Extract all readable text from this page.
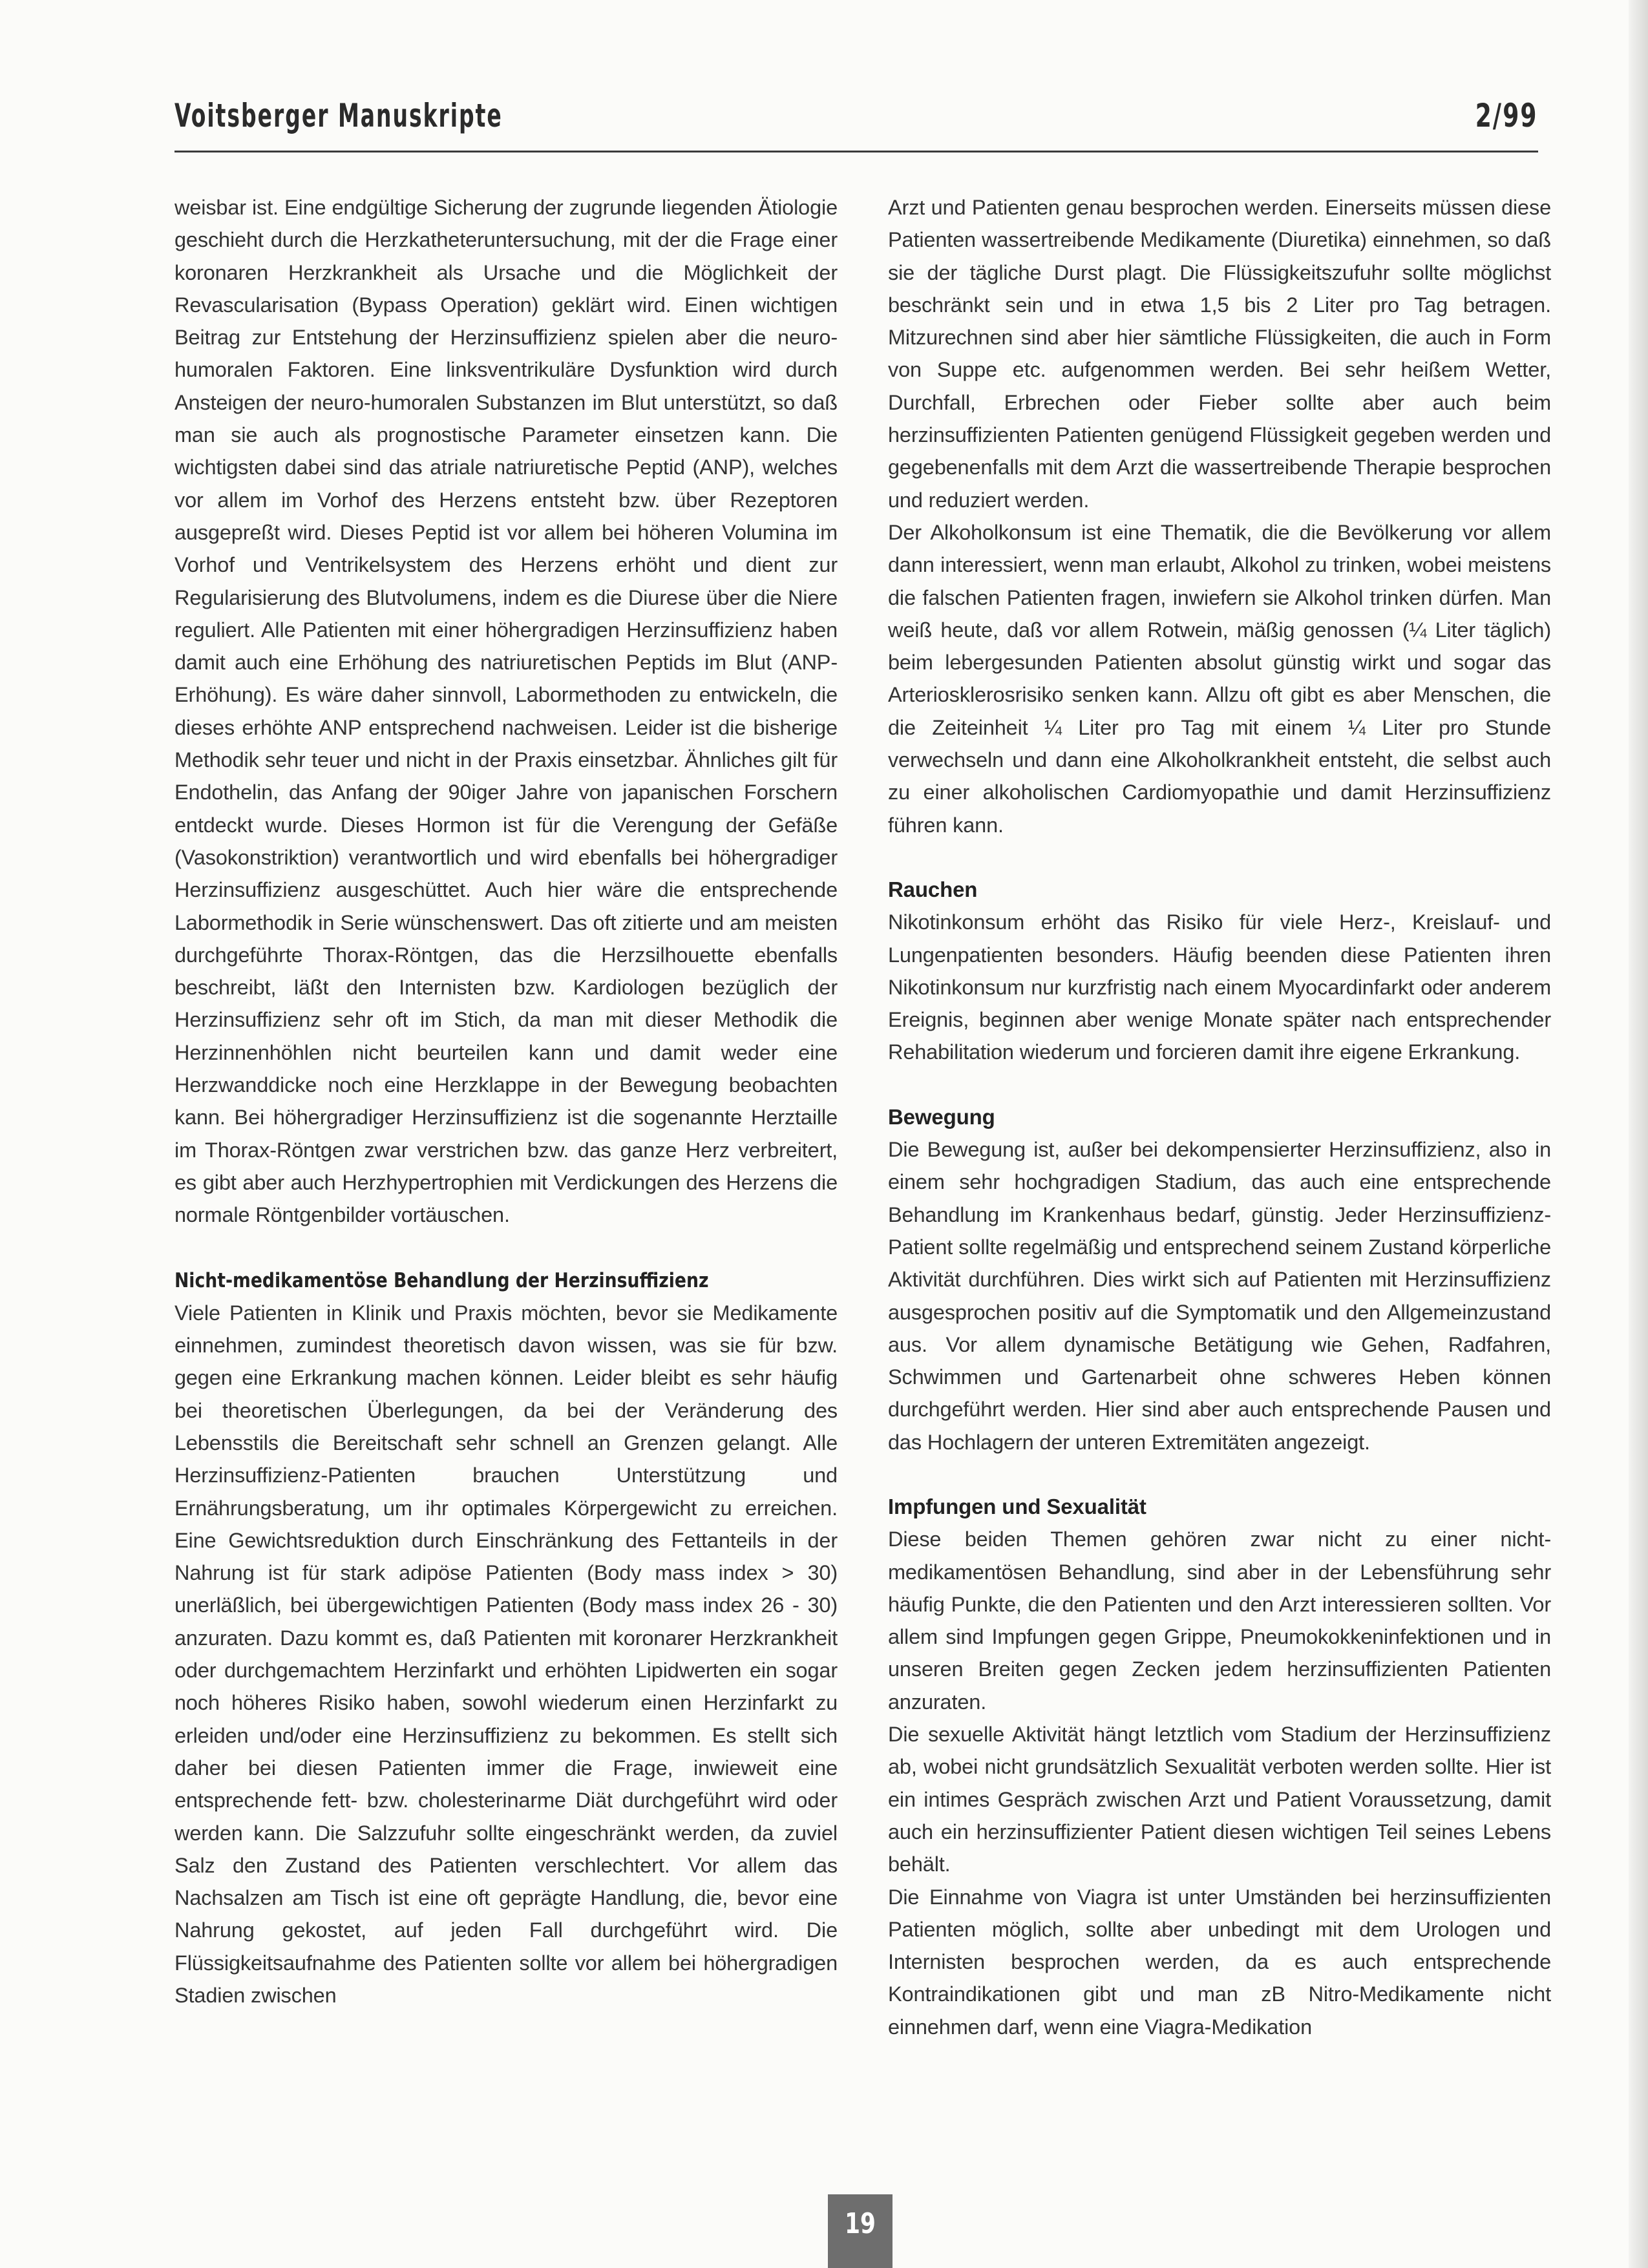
Voitsberger Manuskripte	2/99

weisbar ist. Eine endgültige Sicherung der zugrunde liegenden Ätiologie geschieht durch die Herzkatheteruntersuchung, mit der die Frage einer koronaren Herzkrankheit als Ursache und die Möglichkeit der Revascularisation (Bypass Operation) geklärt wird. Einen wichtigen Beitrag zur Entstehung der Herzinsuffizienz spielen aber die neuro-humoralen Faktoren. Eine linksventrikuläre Dysfunktion wird durch Ansteigen der neuro-humoralen Substanzen im Blut unterstützt, so daß man sie auch als prognostische Parameter einsetzen kann. Die wichtigsten dabei sind das atriale natriuretische Peptid (ANP), welches vor allem im Vorhof des Herzens entsteht bzw. über Rezeptoren ausgepreßt wird. Dieses Peptid ist vor allem bei höheren Volumina im Vorhof und Ventrikelsystem des Herzens erhöht und dient zur Regularisierung des Blutvolumens, indem es die Diurese über die Niere reguliert. Alle Patienten mit einer höhergradigen Herzinsuffizienz haben damit auch eine Erhöhung des natriuretischen Peptids im Blut (ANP-Erhöhung). Es wäre daher sinnvoll, Labormethoden zu entwickeln, die dieses erhöhte ANP entsprechend nachweisen. Leider ist die bisherige Methodik sehr teuer und nicht in der Praxis einsetzbar. Ähnliches gilt für Endothelin, das Anfang der 90iger Jahre von japanischen Forschern entdeckt wurde. Dieses Hormon ist für die Verengung der Gefäße (Vasokonstriktion) verantwortlich und wird ebenfalls bei höhergradiger Herzinsuffizienz ausgeschüttet. Auch hier wäre die entsprechende Labormethodik in Serie wünschenswert. Das oft zitierte und am meisten durchgeführte Thorax-Röntgen, das die Herzsilhouette ebenfalls beschreibt, läßt den Internisten bzw. Kardiologen bezüglich der Herzinsuffizienz sehr oft im Stich, da man mit dieser Methodik die Herzinnenhöhlen nicht beurteilen kann und damit weder eine Herzwanddicke noch eine Herzklappe in der Bewegung beobachten kann. Bei höhergradiger Herzinsuffizienz ist die sogenannte Herztaille im Thorax-Röntgen zwar verstrichen bzw. das ganze Herz verbreitert, es gibt aber auch Herzhypertrophien mit Verdickungen des Herzens die normale Röntgenbilder vortäuschen.

Nicht-medikamentöse Behandlung der Herzinsuffizienz

Viele Patienten in Klinik und Praxis möchten, bevor sie Medikamente einnehmen, zumindest theoretisch davon wissen, was sie für bzw. gegen eine Erkrankung machen können. Leider bleibt es sehr häufig bei theoretischen Überlegungen, da bei der Veränderung des Lebensstils die Bereitschaft sehr schnell an Grenzen gelangt. Alle Herzinsuffizienz-Patienten brauchen Unterstützung und Ernährungsberatung, um ihr optimales Körpergewicht zu erreichen. Eine Gewichtsreduktion durch Einschränkung des Fettanteils in der Nahrung ist für stark adipöse Patienten (Body mass index > 30) unerläßlich, bei übergewichtigen Patienten (Body mass index 26 - 30) anzuraten. Dazu kommt es, daß Patienten mit koronarer Herzkrankheit oder durchgemachtem Herzinfarkt und erhöhten Lipidwerten ein sogar noch höheres Risiko haben, sowohl wiederum einen Herzinfarkt zu erleiden und/oder eine Herzinsuffizienz zu bekommen. Es stellt sich daher bei diesen Patienten immer die Frage, inwieweit eine entsprechende fett- bzw. cholesterinarme Diät durchgeführt wird oder werden kann. Die Salzzufuhr sollte eingeschränkt werden, da zuviel Salz den Zustand des Patienten verschlechtert. Vor allem das Nachsalzen am Tisch ist eine oft geprägte Handlung, die, bevor eine Nahrung gekostet, auf jeden Fall durchgeführt wird. Die Flüssigkeitsaufnahme des Patienten sollte vor allem bei höhergradigen Stadien zwischen

Arzt und Patienten genau besprochen werden. Einerseits müssen diese Patienten wassertreibende Medikamente (Diuretika) einnehmen, so daß sie der tägliche Durst plagt. Die Flüssigkeitszufuhr sollte möglichst beschränkt sein und in etwa 1,5 bis 2 Liter pro Tag betragen. Mitzurechnen sind aber hier sämtliche Flüssigkeiten, die auch in Form von Suppe etc. aufgenommen werden. Bei sehr heißem Wetter, Durchfall, Erbrechen oder Fieber sollte aber auch beim herzinsuffizienten Patienten genügend Flüssigkeit gegeben werden und gegebenenfalls mit dem Arzt die wassertreibende Therapie besprochen und reduziert werden.

Der Alkoholkonsum ist eine Thematik, die die Bevölkerung vor allem dann interessiert, wenn man erlaubt, Alkohol zu trinken, wobei meistens die falschen Patienten fragen, inwiefern sie Alkohol trinken dürfen. Man weiß heute, daß vor allem Rotwein, mäßig genossen (¼ Liter täglich) beim lebergesunden Patienten absolut günstig wirkt und sogar das Arteriosklerosrisiko senken kann. Allzu oft gibt es aber Menschen, die die Zeiteinheit ¼ Liter pro Tag mit einem ¼ Liter pro Stunde verwechseln und dann eine Alkoholkrankheit entsteht, die selbst auch zu einer alkoholischen Cardiomyopathie und damit Herzinsuffizienz führen kann.

Rauchen

Nikotinkonsum erhöht das Risiko für viele Herz-, Kreislauf- und Lungenpatienten besonders. Häufig beenden diese Patienten ihren Nikotinkonsum nur kurzfristig nach einem Myocardinfarkt oder anderem Ereignis, beginnen aber wenige Monate später nach entsprechender Rehabilitation wiederum und forcieren damit ihre eigene Erkrankung.

Bewegung

Die Bewegung ist, außer bei dekompensierter Herzinsuffizienz, also in einem sehr hochgradigen Stadium, das auch eine entsprechende Behandlung im Krankenhaus bedarf, günstig. Jeder Herzinsuffizienz-Patient sollte regelmäßig und entsprechend seinem Zustand körperliche Aktivität durchführen. Dies wirkt sich auf Patienten mit Herzinsuffizienz ausgesprochen positiv auf die Symptomatik und den Allgemeinzustand aus. Vor allem dynamische Betätigung wie Gehen, Radfahren, Schwimmen und Gartenarbeit ohne schweres Heben können durchgeführt werden. Hier sind aber auch entsprechende Pausen und das Hochlagern der unteren Extremitäten angezeigt.

Impfungen und Sexualität

Diese beiden Themen gehören zwar nicht zu einer nicht-medikamentösen Behandlung, sind aber in der Lebensführung sehr häufig Punkte, die den Patienten und den Arzt interessieren sollten. Vor allem sind Impfungen gegen Grippe, Pneumokokkeninfektionen und in unseren Breiten gegen Zecken jedem herzinsuffizienten Patienten anzuraten.

Die sexuelle Aktivität hängt letztlich vom Stadium der Herzinsuffizienz ab, wobei nicht grundsätzlich Sexualität verboten werden sollte. Hier ist ein intimes Gespräch zwischen Arzt und Patient Voraussetzung, damit auch ein herzinsuffizienter Patient diesen wichtigen Teil seines Lebens behält.

Die Einnahme von Viagra ist unter Umständen bei herzinsuffizienten Patienten möglich, sollte aber unbedingt mit dem Urologen und Internisten besprochen werden, da es auch entsprechende Kontraindikationen gibt und man zB Nitro-Medikamente nicht einnehmen darf, wenn eine Viagra-Medikation

19
